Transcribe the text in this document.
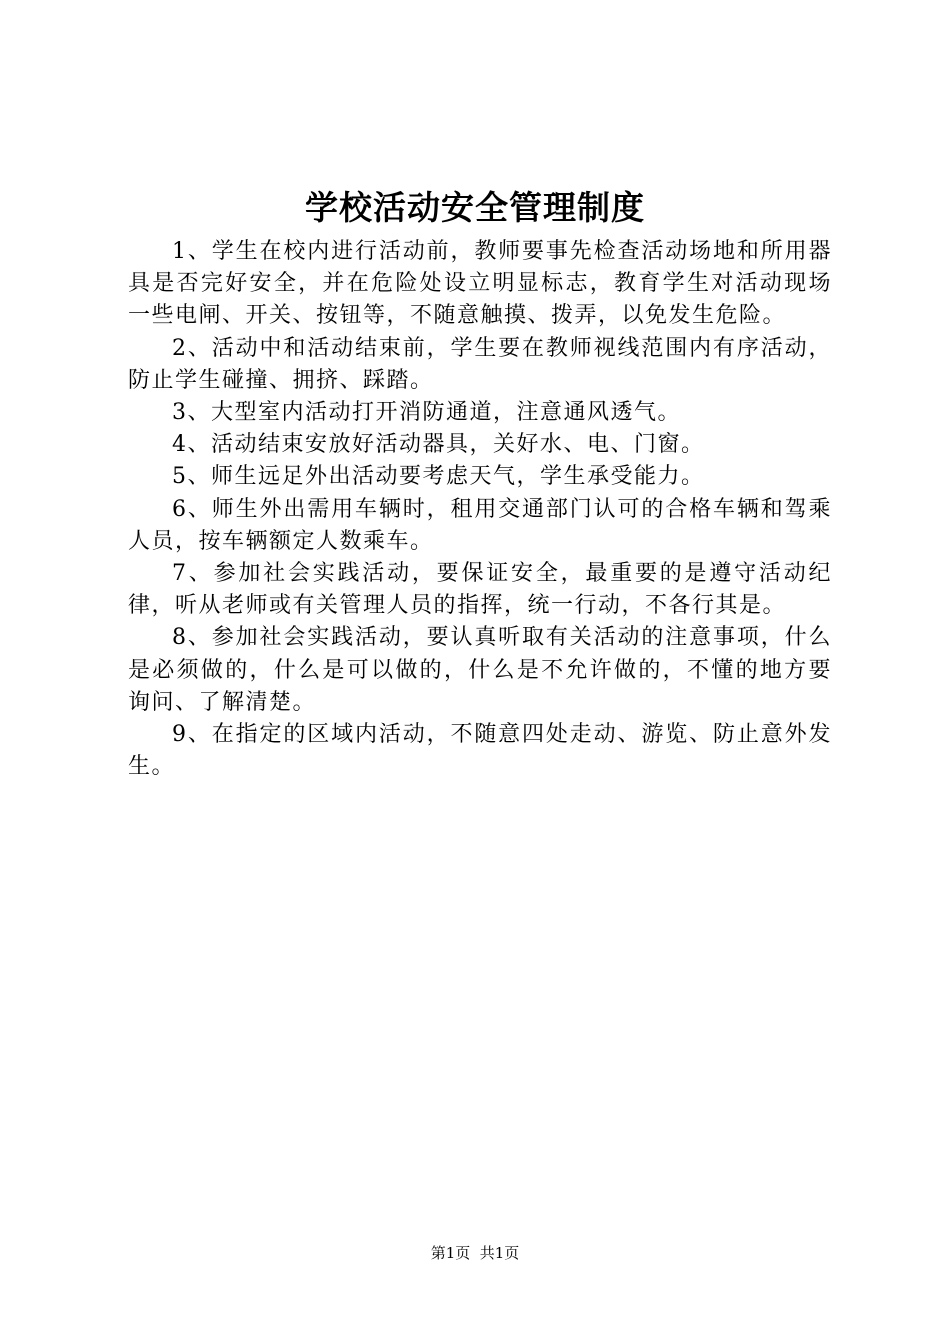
学校活动安全管理制度

1、学生在校内进行活动前，教师要事先检查活动场地和所用器具是否完好安全，并在危险处设立明显标志，教育学生对活动现场一些电闸、开关、按钮等，不随意触摸、拨弄，以免发生危险。

2、活动中和活动结束前，学生要在教师视线范围内有序活动，防止学生碰撞、拥挤、踩踏。

3、大型室内活动打开消防通道，注意通风透气。

4、活动结束安放好活动器具，关好水、电、门窗。

5、师生远足外出活动要考虑天气，学生承受能力。

6、师生外出需用车辆时，租用交通部门认可的合格车辆和驾乘人员，按车辆额定人数乘车。

7、参加社会实践活动，要保证安全，最重要的是遵守活动纪律，听从老师或有关管理人员的指挥，统一行动，不各行其是。

8、参加社会实践活动，要认真听取有关活动的注意事项，什么是必须做的，什么是可以做的，什么是不允许做的，不懂的地方要询问、了解清楚。

9、在指定的区域内活动，不随意四处走动、游览、防止意外发生。

第1页  共1页
